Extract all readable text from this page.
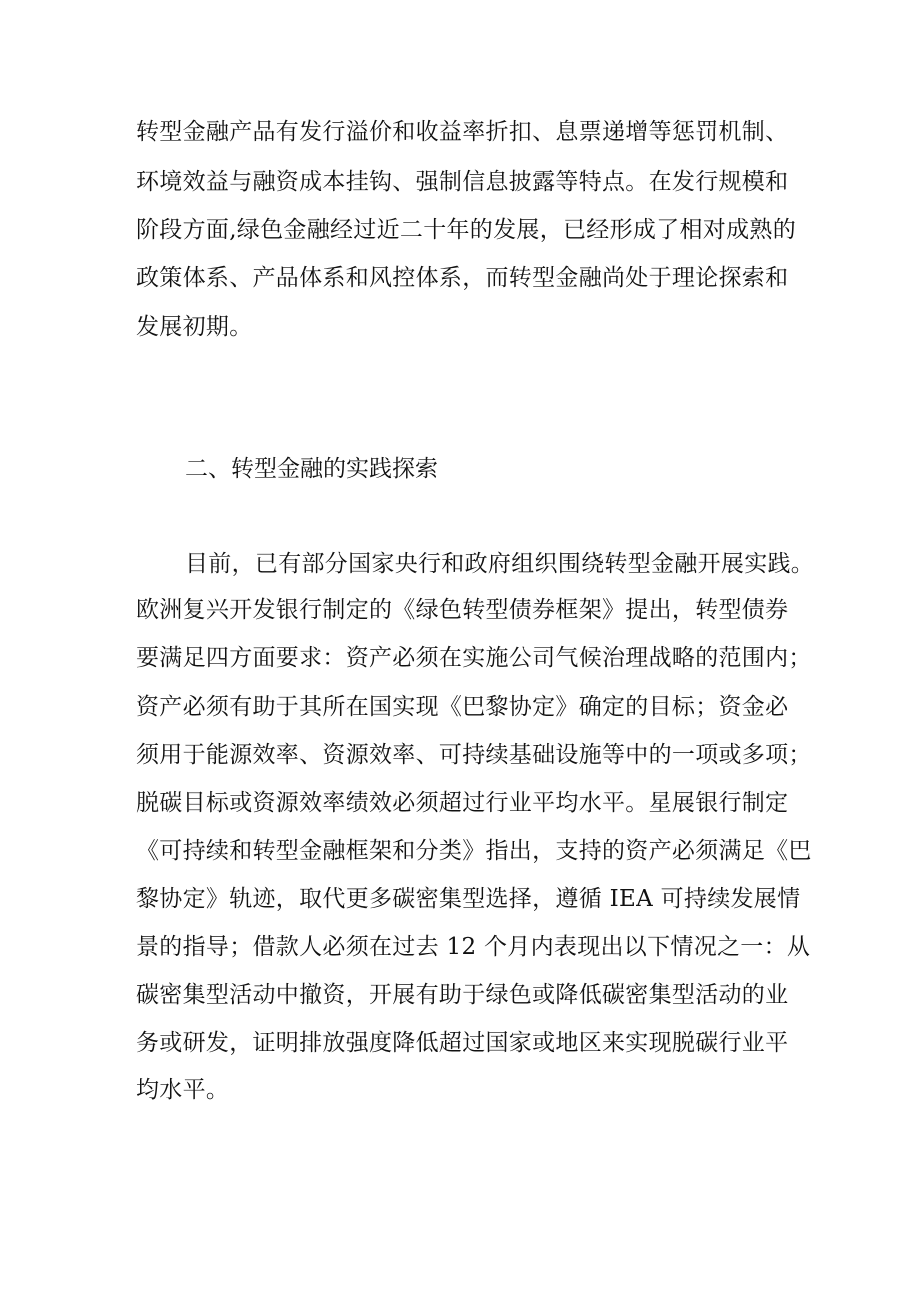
转型金融产品有发行溢价和收益率折扣、息票递增等惩罚机制、
环境效益与融资成本挂钩、强制信息披露等特点。在发行规模和
阶段方面,绿色金融经过近二十年的发展，已经形成了相对成熟的
政策体系、产品体系和风控体系，而转型金融尚处于理论探索和
发展初期。
二、转型金融的实践探索
目前，已有部分国家央行和政府组织围绕转型金融开展实践。
欧洲复兴开发银行制定的《绿色转型债券框架》提出，转型债券
要满足四方面要求：资产必须在实施公司气候治理战略的范围内；
资产必须有助于其所在国实现《巴黎协定》确定的目标；资金必
须用于能源效率、资源效率、可持续基础设施等中的一项或多项；
脱碳目标或资源效率绩效必须超过行业平均水平。星展银行制定
《可持续和转型金融框架和分类》指出，支持的资产必须满足《巴
黎协定》轨迹，取代更多碳密集型选择，遵循 IEA 可持续发展情
景的指导；借款人必须在过去 12 个月内表现出以下情况之一：从
碳密集型活动中撤资，开展有助于绿色或降低碳密集型活动的业
务或研发，证明排放强度降低超过国家或地区来实现脱碳行业平
均水平。
